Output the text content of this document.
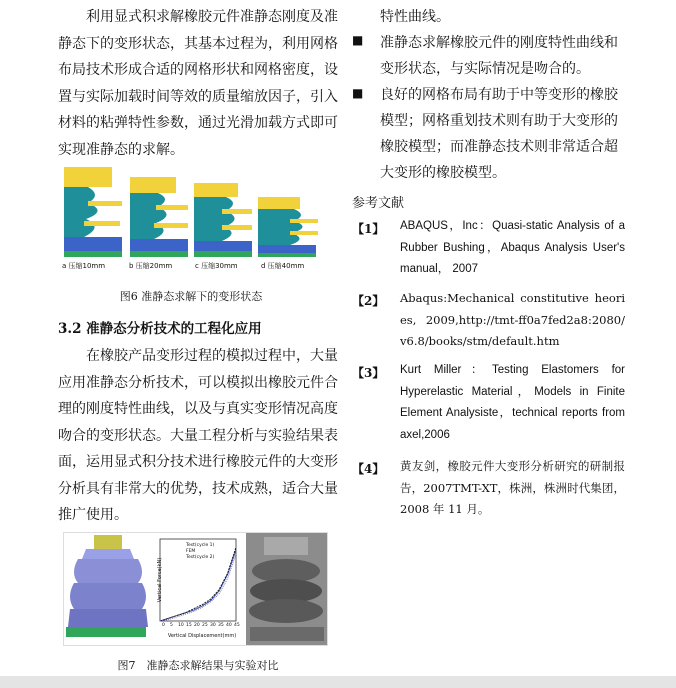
利用显式积求解橡胶元件准静态刚度及准静态下的变形状态，其基本过程为，利用网格布局技术形成合适的网格形状和网格密度，设置与实际加载时间等效的质量缩放因子，引入材料的粘弹特性参数，通过光滑加载方式即可实现准静态的求解。

a 压缩10mm	b 压缩20mm	c 压缩30mm	d 压缩40mm
图6 准静态求解下的变形状态
3.2 准静态分析技术的工程化应用

在橡胶产品变形过程的模拟过程中，大量应用准静态分析技术，可以模拟出橡胶元件合理的刚度特性曲线，以及与真实变形情况高度吻合的变形状态。大量工程分析与实验结果表面，运用显式积分技术进行橡胶元件的大变形分析具有非常大的优势，技术成熟，适合大量推广使用。

0 5 10 15 20 25 30 35 40 45
Vertical Displacement(mm)
Vertical Force(kN)
Test(cycle 1)
FEM
Test(cycle 2)
图7　准静态求解结果与实验对比
特性曲线。
■ 准静态求解橡胶元件的刚度特性曲线和变形状态，与实际情况是吻合的。
■ 良好的网格布局有助于中等变形的橡胶模型；网格重划技术则有助于大变形的橡胶模型；而准静态技术则非常适合超大变形的橡胶模型。
参考文献
【1】 ABAQUS，Inc：Quasi-static Analysis of a Rubber Bushing，Abaqus Analysis User's manual， 2007
【2】 Abaqus:Mechanical constitutive heories, 2009,http://tmt-ff0a7fed2a8:2080/v6.8/books/stm/default.htm
【3】 Kurt Miller：Testing Elastomers for Hyperelastic Material，Models in Finite Element Analysiste，technical reports from axel,2006
【4】 黄友剑，橡胶元件大变形分析研究的研制报告，2007TMT-XT，株洲，株洲时代集团，2008 年 11 月。
